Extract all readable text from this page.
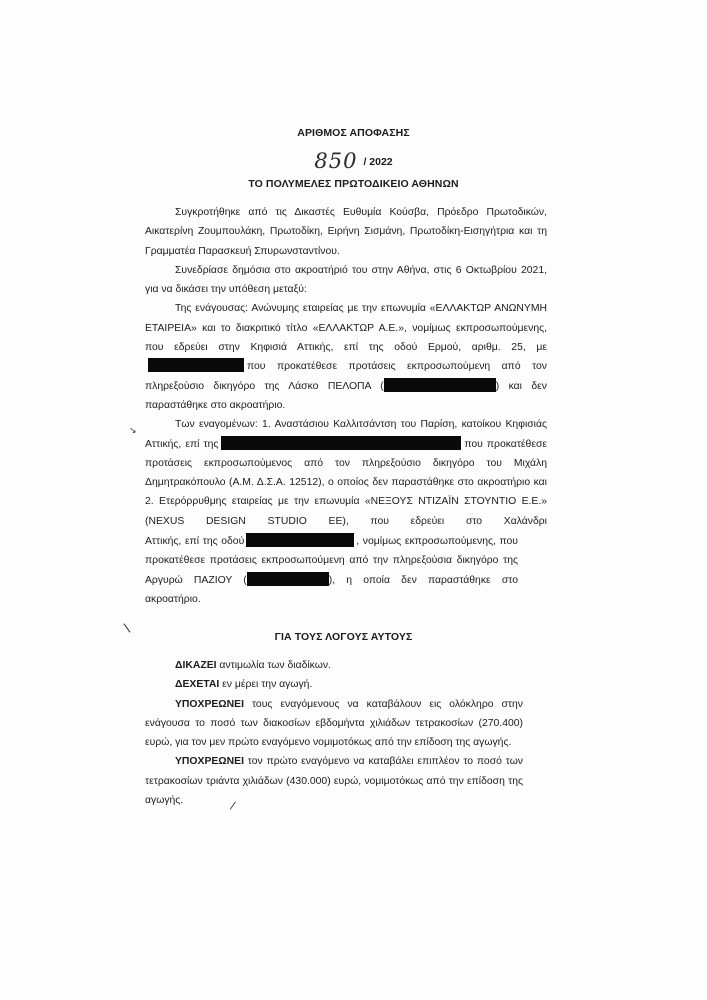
ΑΡΙΘΜΟΣ ΑΠΟΦΑΣΗΣ
850 / 2022
ΤΟ ΠΟΛΥΜΕΛΕΣ ΠΡΩΤΟΔΙΚΕΙΟ ΑΘΗΝΩΝ

Συγκροτήθηκε από τις Δικαστές Ευθυμία Κούσβα, Πρόεδρο Πρωτοδικών, Αικατερίνη Ζουμπουλάκη, Πρωτοδίκη, Ειρήνη Σισμάνη, Πρωτοδίκη-Εισηγήτρια και τη Γραμματέα Παρασκευή Σπυρωνσταντίνου.

Συνεδρίασε δημόσια στο ακροατήριό του στην Αθήνα, στις 6 Οκτωβρίου 2021, για να δικάσει την υπόθεση μεταξύ:

Της ενάγουσας: Ανώνυμης εταιρείας με την επωνυμία «ΕΛΛΑΚΤΩΡ ΑΝΩΝΥΜΗ ΕΤΑΙΡΕΙΑ» και το διακριτικό τίτλο «ΕΛΛΑΚΤΩΡ Α.Ε.», νομίμως εκπροσωπούμενης, που εδρεύει στην Κηφισιά Αττικής, επί της οδού Ερμού, αριθμ. 25, μεπου προκατέθεσε προτάσεις εκπροσωπούμενη από τον πληρεξούσιο δικηγόρο της Λάσκο ΠΕΛΟΠΑ (	) και δεν παραστάθηκε στο ακροατήριο.

Των εναγομένων: 1. Αναστάσιου Καλλιτσάντση του Παρίση, κατοίκου Κηφισιάς Αττικής, επί της	που προκατέθεσε προτάσεις εκπροσωπούμενος από τον πληρεξούσιο δικηγόρο του Μιχάλη Δημητρακόπουλο (Α.Μ. Δ.Σ.Α. 12512), ο οποίος δεν παραστάθηκε στο ακροατήριο και 2. Ετερόρρυθμης εταιρείας με την επωνυμία «ΝΕΞΟΥΣ ΝΤΙΖΑΪΝ ΣΤΟΥΝΤΙΟ Ε.Ε.» (NEXUS DESIGN STUDIO EE), που εδρεύει στο Χαλάνδρι

Αττικής, επί της οδού	, νομίμως εκπροσωπούμενης, που προκατέθεσε προτάσεις εκπροσωπούμενη από την πληρεξούσια δικηγόρο της Αργυρώ ΠΑΖΙΟΥ (	), η οποία δεν παραστάθηκε στο ακροατήριο.

\
ΓΙΑ ΤΟΥΣ ΛΟΓΟΥΣ ΑΥΤΟΥΣ

ΔΙΚΑΖΕΙ αντιμωλία των διαδίκων.

ΔΕΧΕΤΑΙ εν μέρει την αγωγή.

ΥΠΟΧΡΕΩΝΕΙ τους εναγόμενους να καταβάλουν εις ολόκληρο στην ενάγουσα το ποσό των διακοσίων εβδομήντα χιλιάδων τετρακοσίων (270.400) ευρώ, για τον μεν πρώτο εναγόμενο νομιμοτόκως από την επίδοση της αγωγής.

ΥΠΟΧΡΕΩΝΕΙ τον πρώτο εναγόμενο να καταβάλει επιπλέον το ποσό των τετρακοσίων τριάντα χιλιάδων (430.000) ευρώ, νομιμοτόκως από την επίδοση της αγωγής.	/
↘
